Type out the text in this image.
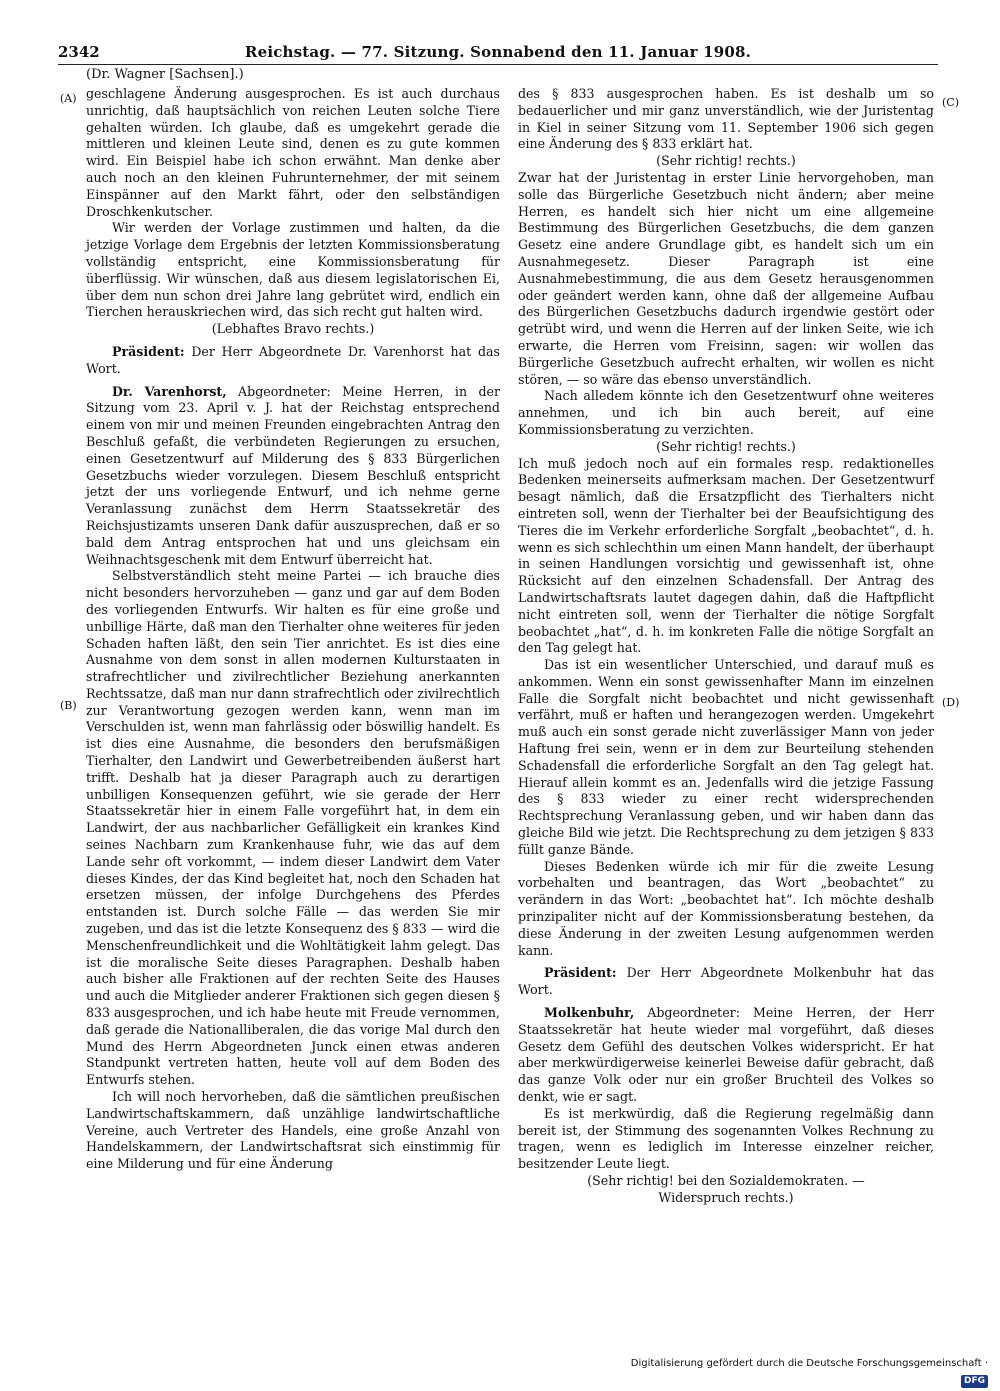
2342	Reichstag. — 77. Sitzung. Sonnabend den 11. Januar 1908.
(Dr. Wagner [Sachsen].)
(A)
(B)
(C)
(D)

geschlagene Änderung ausgesprochen. Es ist auch durchaus unrichtig, daß hauptsächlich von reichen Leuten solche Tiere gehalten würden. Ich glaube, daß es umgekehrt gerade die mittleren und kleinen Leute sind, denen es zu gute kommen wird. Ein Beispiel habe ich schon erwähnt. Man denke aber auch noch an den kleinen Fuhrunternehmer, der mit seinem Einspänner auf den Markt fährt, oder den selbständigen Droschkenkutscher.

Wir werden der Vorlage zustimmen und halten, da die jetzige Vorlage dem Ergebnis der letzten Kommissionsberatung vollständig entspricht, eine Kommissionsberatung für überflüssig. Wir wünschen, daß aus diesem legislatorischen Ei, über dem nun schon drei Jahre lang gebrütet wird, endlich ein Tierchen herauskriechen wird, das sich recht gut halten wird.

(Lebhaftes Bravo rechts.)

Präsident: Der Herr Abgeordnete Dr. Varenhorst hat das Wort.

Dr. Varenhorst, Abgeordneter: Meine Herren, in der Sitzung vom 23. April v. J. hat der Reichstag entsprechend einem von mir und meinen Freunden eingebrachten Antrag den Beschluß gefaßt, die verbündeten Regierungen zu ersuchen, einen Gesetzentwurf auf Milderung des § 833 Bürgerlichen Gesetzbuchs wieder vorzulegen. Diesem Beschluß entspricht jetzt der uns vorliegende Entwurf, und ich nehme gerne Veranlassung zunächst dem Herrn Staatssekretär des Reichsjustizamts unseren Dank dafür auszusprechen, daß er so bald dem Antrag entsprochen hat und uns gleichsam ein Weihnachtsgeschenk mit dem Entwurf überreicht hat.

Selbstverständlich steht meine Partei — ich brauche dies nicht besonders hervorzuheben — ganz und gar auf dem Boden des vorliegenden Entwurfs. Wir halten es für eine große und unbillige Härte, daß man den Tierhalter ohne weiteres für jeden Schaden haften läßt, den sein Tier anrichtet. Es ist dies eine Ausnahme von dem sonst in allen modernen Kulturstaaten in strafrechtlicher und zivilrechtlicher Beziehung anerkannten Rechtssatze, daß man nur dann strafrechtlich oder zivilrechtlich zur Verantwortung gezogen werden kann, wenn man im Verschulden ist, wenn man fahrlässig oder böswillig handelt. Es ist dies eine Ausnahme, die besonders den berufsmäßigen Tierhalter, den Landwirt und Gewerbetreibenden äußerst hart trifft. Deshalb hat ja dieser Paragraph auch zu derartigen unbilligen Konsequenzen geführt, wie sie gerade der Herr Staatssekretär hier in einem Falle vorgeführt hat, in dem ein Landwirt, der aus nachbarlicher Gefälligkeit ein krankes Kind seines Nachbarn zum Krankenhause fuhr, wie das auf dem Lande sehr oft vorkommt, — indem dieser Landwirt dem Vater dieses Kindes, der das Kind begleitet hat, noch den Schaden hat ersetzen müssen, der infolge Durchgehens des Pferdes entstanden ist. Durch solche Fälle — das werden Sie mir zugeben, und das ist die letzte Konsequenz des § 833 — wird die Menschenfreundlichkeit und die Wohltätigkeit lahm gelegt. Das ist die moralische Seite dieses Paragraphen. Deshalb haben auch bisher alle Fraktionen auf der rechten Seite des Hauses und auch die Mitglieder anderer Fraktionen sich gegen diesen § 833 ausgesprochen, und ich habe heute mit Freude vernommen, daß gerade die Nationalliberalen, die das vorige Mal durch den Mund des Herrn Abgeordneten Junck einen etwas anderen Standpunkt vertreten hatten, heute voll auf dem Boden des Entwurfs stehen.

Ich will noch hervorheben, daß die sämtlichen preußischen Landwirtschaftskammern, daß unzählige landwirtschaftliche Vereine, auch Vertreter des Handels, eine große Anzahl von Handelskammern, der Landwirtschaftsrat sich einstimmig für eine Milderung und für eine Änderung

des § 833 ausgesprochen haben. Es ist deshalb um so bedauerlicher und mir ganz unverständlich, wie der Juristentag in Kiel in seiner Sitzung vom 11. September 1906 sich gegen eine Änderung des § 833 erklärt hat.

(Sehr richtig! rechts.)

Zwar hat der Juristentag in erster Linie hervorgehoben, man solle das Bürgerliche Gesetzbuch nicht ändern; aber meine Herren, es handelt sich hier nicht um eine allgemeine Bestimmung des Bürgerlichen Gesetzbuchs, die dem ganzen Gesetz eine andere Grundlage gibt, es handelt sich um ein Ausnahmegesetz. Dieser Paragraph ist eine Ausnahmebestimmung, die aus dem Gesetz herausgenommen oder geändert werden kann, ohne daß der allgemeine Aufbau des Bürgerlichen Gesetzbuchs dadurch irgendwie gestört oder getrübt wird, und wenn die Herren auf der linken Seite, wie ich erwarte, die Herren vom Freisinn, sagen: wir wollen das Bürgerliche Gesetzbuch aufrecht erhalten, wir wollen es nicht stören, — so wäre das ebenso unverständlich.

Nach alledem könnte ich den Gesetzentwurf ohne weiteres annehmen, und ich bin auch bereit, auf eine Kommissionsberatung zu verzichten.

(Sehr richtig! rechts.)

Ich muß jedoch noch auf ein formales resp. redaktionelles Bedenken meinerseits aufmerksam machen. Der Gesetzentwurf besagt nämlich, daß die Ersatzpflicht des Tierhalters nicht eintreten soll, wenn der Tierhalter bei der Beaufsichtigung des Tieres die im Verkehr erforderliche Sorgfalt „beobachtet“, d. h. wenn es sich schlechthin um einen Mann handelt, der überhaupt in seinen Handlungen vorsichtig und gewissenhaft ist, ohne Rücksicht auf den einzelnen Schadensfall. Der Antrag des Landwirtschaftsrats lautet dagegen dahin, daß die Haftpflicht nicht eintreten soll, wenn der Tierhalter die nötige Sorgfalt beobachtet „hat“, d. h. im konkreten Falle die nötige Sorgfalt an den Tag gelegt hat.

Das ist ein wesentlicher Unterschied, und darauf muß es ankommen. Wenn ein sonst gewissenhafter Mann im einzelnen Falle die Sorgfalt nicht beobachtet und nicht gewissenhaft verfährt, muß er haften und herangezogen werden. Umgekehrt muß auch ein sonst gerade nicht zuverlässiger Mann von jeder Haftung frei sein, wenn er in dem zur Beurteilung stehenden Schadensfall die erforderliche Sorgfalt an den Tag gelegt hat. Hierauf allein kommt es an. Jedenfalls wird die jetzige Fassung des § 833 wieder zu einer recht widersprechenden Rechtsprechung Veranlassung geben, und wir haben dann das gleiche Bild wie jetzt. Die Rechtsprechung zu dem jetzigen § 833 füllt ganze Bände.

Dieses Bedenken würde ich mir für die zweite Lesung vorbehalten und beantragen, das Wort „beobachtet“ zu verändern in das Wort: „beobachtet hat“. Ich möchte deshalb prinzipaliter nicht auf der Kommissionsberatung bestehen, da diese Änderung in der zweiten Lesung aufgenommen werden kann.

Präsident: Der Herr Abgeordnete Molkenbuhr hat das Wort.

Molkenbuhr, Abgeordneter: Meine Herren, der Herr Staatssekretär hat heute wieder mal vorgeführt, daß dieses Gesetz dem Gefühl des deutschen Volkes widerspricht. Er hat aber merkwürdigerweise keinerlei Beweise dafür gebracht, daß das ganze Volk oder nur ein großer Bruchteil des Volkes so denkt, wie er sagt.

Es ist merkwürdig, daß die Regierung regelmäßig dann bereit ist, der Stimmung des sogenannten Volkes Rechnung zu tragen, wenn es lediglich im Interesse einzelner reicher, besitzender Leute liegt.

(Sehr richtig! bei den Sozialdemokraten. —

Widerspruch rechts.)

Digitalisierung gefördert durch die Deutsche Forschungsgemeinschaft · DFG
